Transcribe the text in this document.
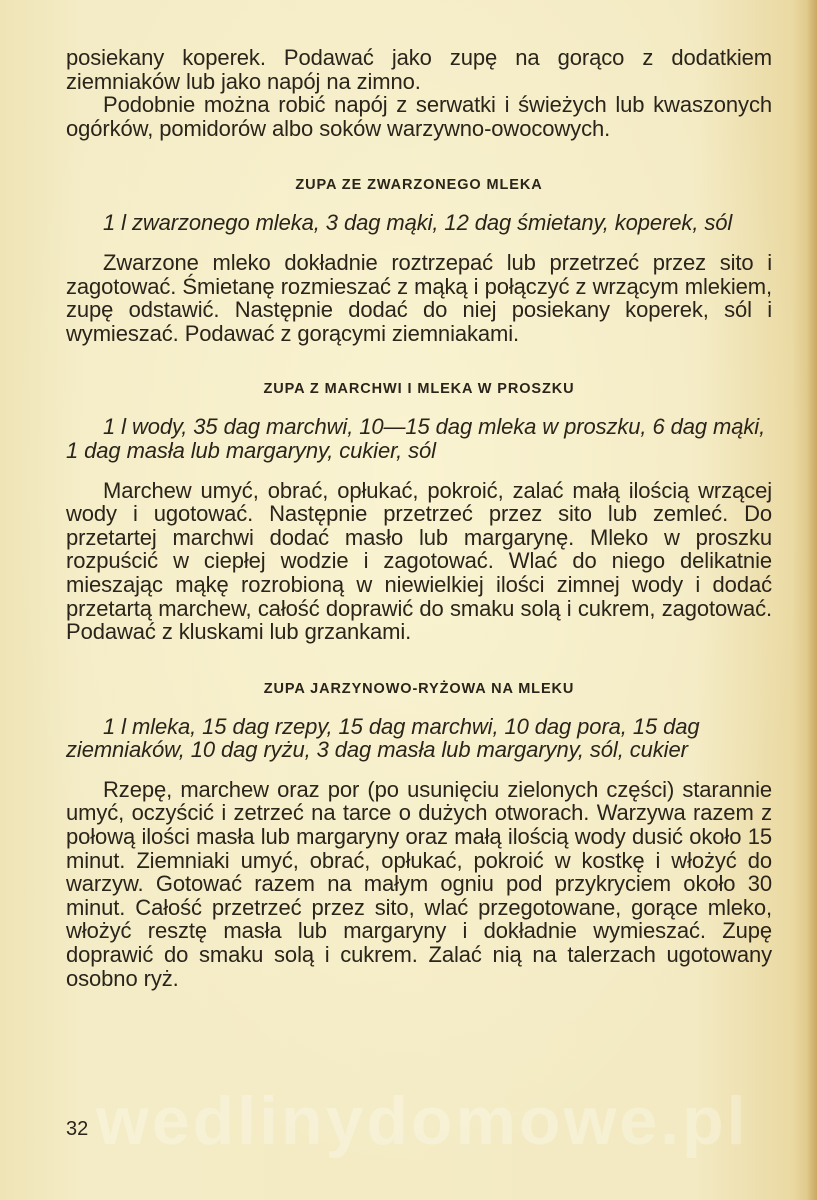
posiekany koperek. Podawać jako zupę na gorąco z dodatkiem ziemniaków lub jako napój na zimno.

Podobnie można robić napój z serwatki i świeżych lub kwaszonych ogórków, pomidorów albo soków warzywno-owocowych.

ZUPA ZE ZWARZONEGO MLEKA

1 l zwarzonego mleka, 3 dag mąki, 12 dag śmietany, koperek, sól

Zwarzone mleko dokładnie roztrzepać lub przetrzeć przez sito i zagotować. Śmietanę rozmieszać z mąką i połączyć z wrzącym mlekiem, zupę odstawić. Następnie dodać do niej posiekany koperek, sól i wymieszać. Podawać z gorącymi ziemniakami.

ZUPA Z MARCHWI I MLEKA W PROSZKU

1 l wody, 35 dag marchwi, 10—15 dag mleka w proszku, 6 dag mąki, 1 dag masła lub margaryny, cukier, sól

Marchew umyć, obrać, opłukać, pokroić, zalać małą ilością wrzącej wody i ugotować. Następnie przetrzeć przez sito lub zemleć. Do przetartej marchwi dodać masło lub margarynę. Mleko w proszku rozpuścić w ciepłej wodzie i zagotować. Wlać do niego delikatnie mieszając mąkę rozrobioną w niewielkiej ilości zimnej wody i dodać przetartą marchew, całość doprawić do smaku solą i cukrem, zagotować. Podawać z kluskami lub grzankami.

ZUPA JARZYNOWO-RYŻOWA NA MLEKU

1 l mleka, 15 dag rzepy, 15 dag marchwi, 10 dag pora, 15 dag ziemniaków, 10 dag ryżu, 3 dag masła lub margaryny, sól, cukier

Rzepę, marchew oraz por (po usunięciu zielonych części) starannie umyć, oczyścić i zetrzeć na tarce o dużych otworach. Warzywa razem z połową ilości masła lub margaryny oraz małą ilością wody dusić około 15 minut. Ziemniaki umyć, obrać, opłukać, pokroić w kostkę i włożyć do warzyw. Gotować razem na małym ogniu pod przykryciem około 30 minut. Całość przetrzeć przez sito, wlać przegotowane, gorące mleko, włożyć resztę masła lub margaryny i dokładnie wymieszać. Zupę doprawić do smaku solą i cukrem. Zalać nią na talerzach ugotowany osobno ryż.

wedlinydomowe.pl
32
